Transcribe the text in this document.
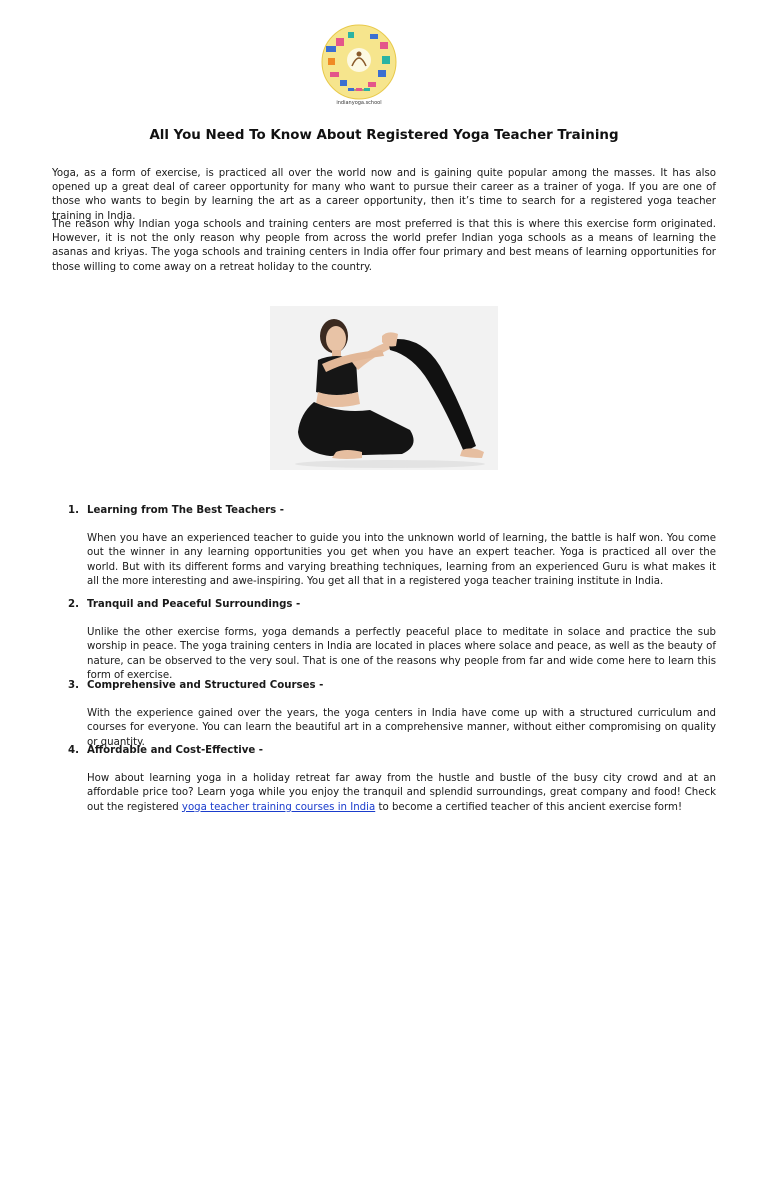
indianyoga.school
All You Need To Know About Registered Yoga Teacher Training

Yoga, as a form of exercise, is practiced all over the world now and is gaining quite popular among the masses. It has also opened up a great deal of career opportunity for many who want to pursue their career as a trainer of yoga. If you are one of those who wants to begin by learning the art as a career opportunity, then it’s time to search for a registered yoga teacher training in India.

The reason why Indian yoga schools and training centers are most preferred is that this is where this exercise form originated. However, it is not the only reason why people from across the world prefer Indian yoga schools as a means of learning the asanas and kriyas. The yoga schools and training centers in India offer four primary and best means of learning opportunities for those willing to come away on a retreat holiday to the country.

1. Learning from The Best Teachers -

When you have an experienced teacher to guide you into the unknown world of learning, the battle is half won. You come out the winner in any learning opportunities you get when you have an expert teacher. Yoga is practiced all over the world. But with its different forms and varying breathing techniques, learning from an experienced Guru is what makes it all the more interesting and awe-inspiring. You get all that in a registered yoga teacher training institute in India.

2. Tranquil and Peaceful Surroundings -

Unlike the other exercise forms, yoga demands a perfectly peaceful place to meditate in solace and practice the sub worship in peace. The yoga training centers in India are located in places where solace and peace, as well as the beauty of nature, can be observed to the very soul. That is one of the reasons why people from far and wide come here to learn this form of exercise.

3. Comprehensive and Structured Courses -

With the experience gained over the years, the yoga centers in India have come up with a structured curriculum and courses for everyone. You can learn the beautiful art in a comprehensive manner, without either compromising on quality or quantity.

4. Affordable and Cost-Effective -

How about learning yoga in a holiday retreat far away from the hustle and bustle of the busy city crowd and at an affordable price too? Learn yoga while you enjoy the tranquil and splendid surroundings, great company and food! Check out the registered yoga teacher training courses in India to become a certified teacher of this ancient exercise form!
